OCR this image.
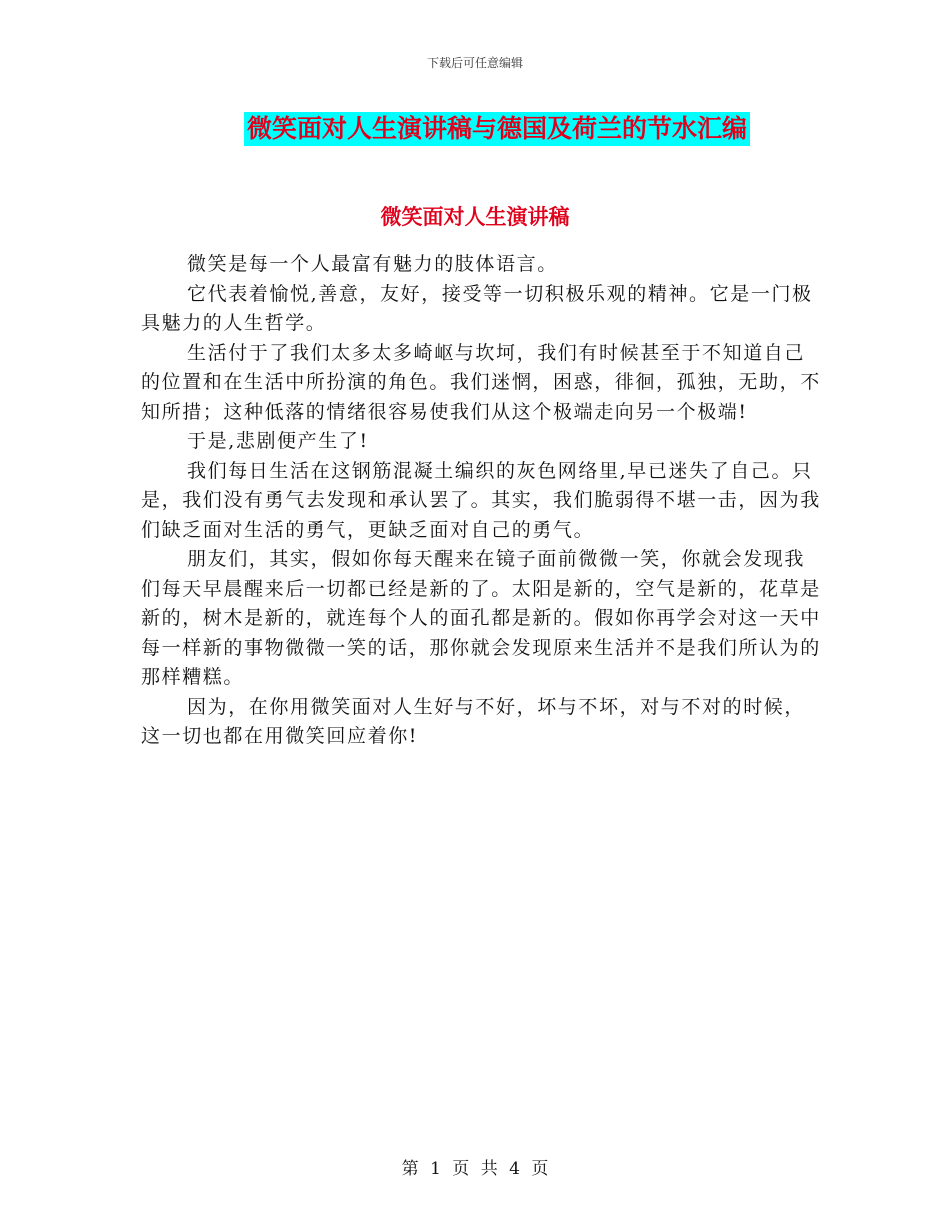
下载后可任意编辑
微笑面对人生演讲稿与德国及荷兰的节水汇编
微笑面对人生演讲稿

微笑是每一个人最富有魅力的肢体语言。

它代表着愉悦,善意，友好，接受等一切积极乐观的精神。它是一门极具魅力的人生哲学。

生活付于了我们太多太多崎岖与坎坷，我们有时候甚至于不知道自己的位置和在生活中所扮演的角色。我们迷惘，困惑，徘徊，孤独，无助，不知所措；这种低落的情绪很容易使我们从这个极端走向另一个极端!

于是,悲剧便产生了!

我们每日生活在这钢筋混凝土编织的灰色网络里,早已迷失了自己。只是，我们没有勇气去发现和承认罢了。其实，我们脆弱得不堪一击，因为我们缺乏面对生活的勇气，更缺乏面对自己的勇气。

朋友们，其实，假如你每天醒来在镜子面前微微一笑，你就会发现我们每天早晨醒来后一切都已经是新的了。太阳是新的，空气是新的，花草是新的，树木是新的，就连每个人的面孔都是新的。假如你再学会对这一天中每一样新的事物微微一笑的话，那你就会发现原来生活并不是我们所认为的那样糟糕。

因为，在你用微笑面对人生好与不好，坏与不坏，对与不对的时候，这一切也都在用微笑回应着你!

第 1 页 共 4 页
